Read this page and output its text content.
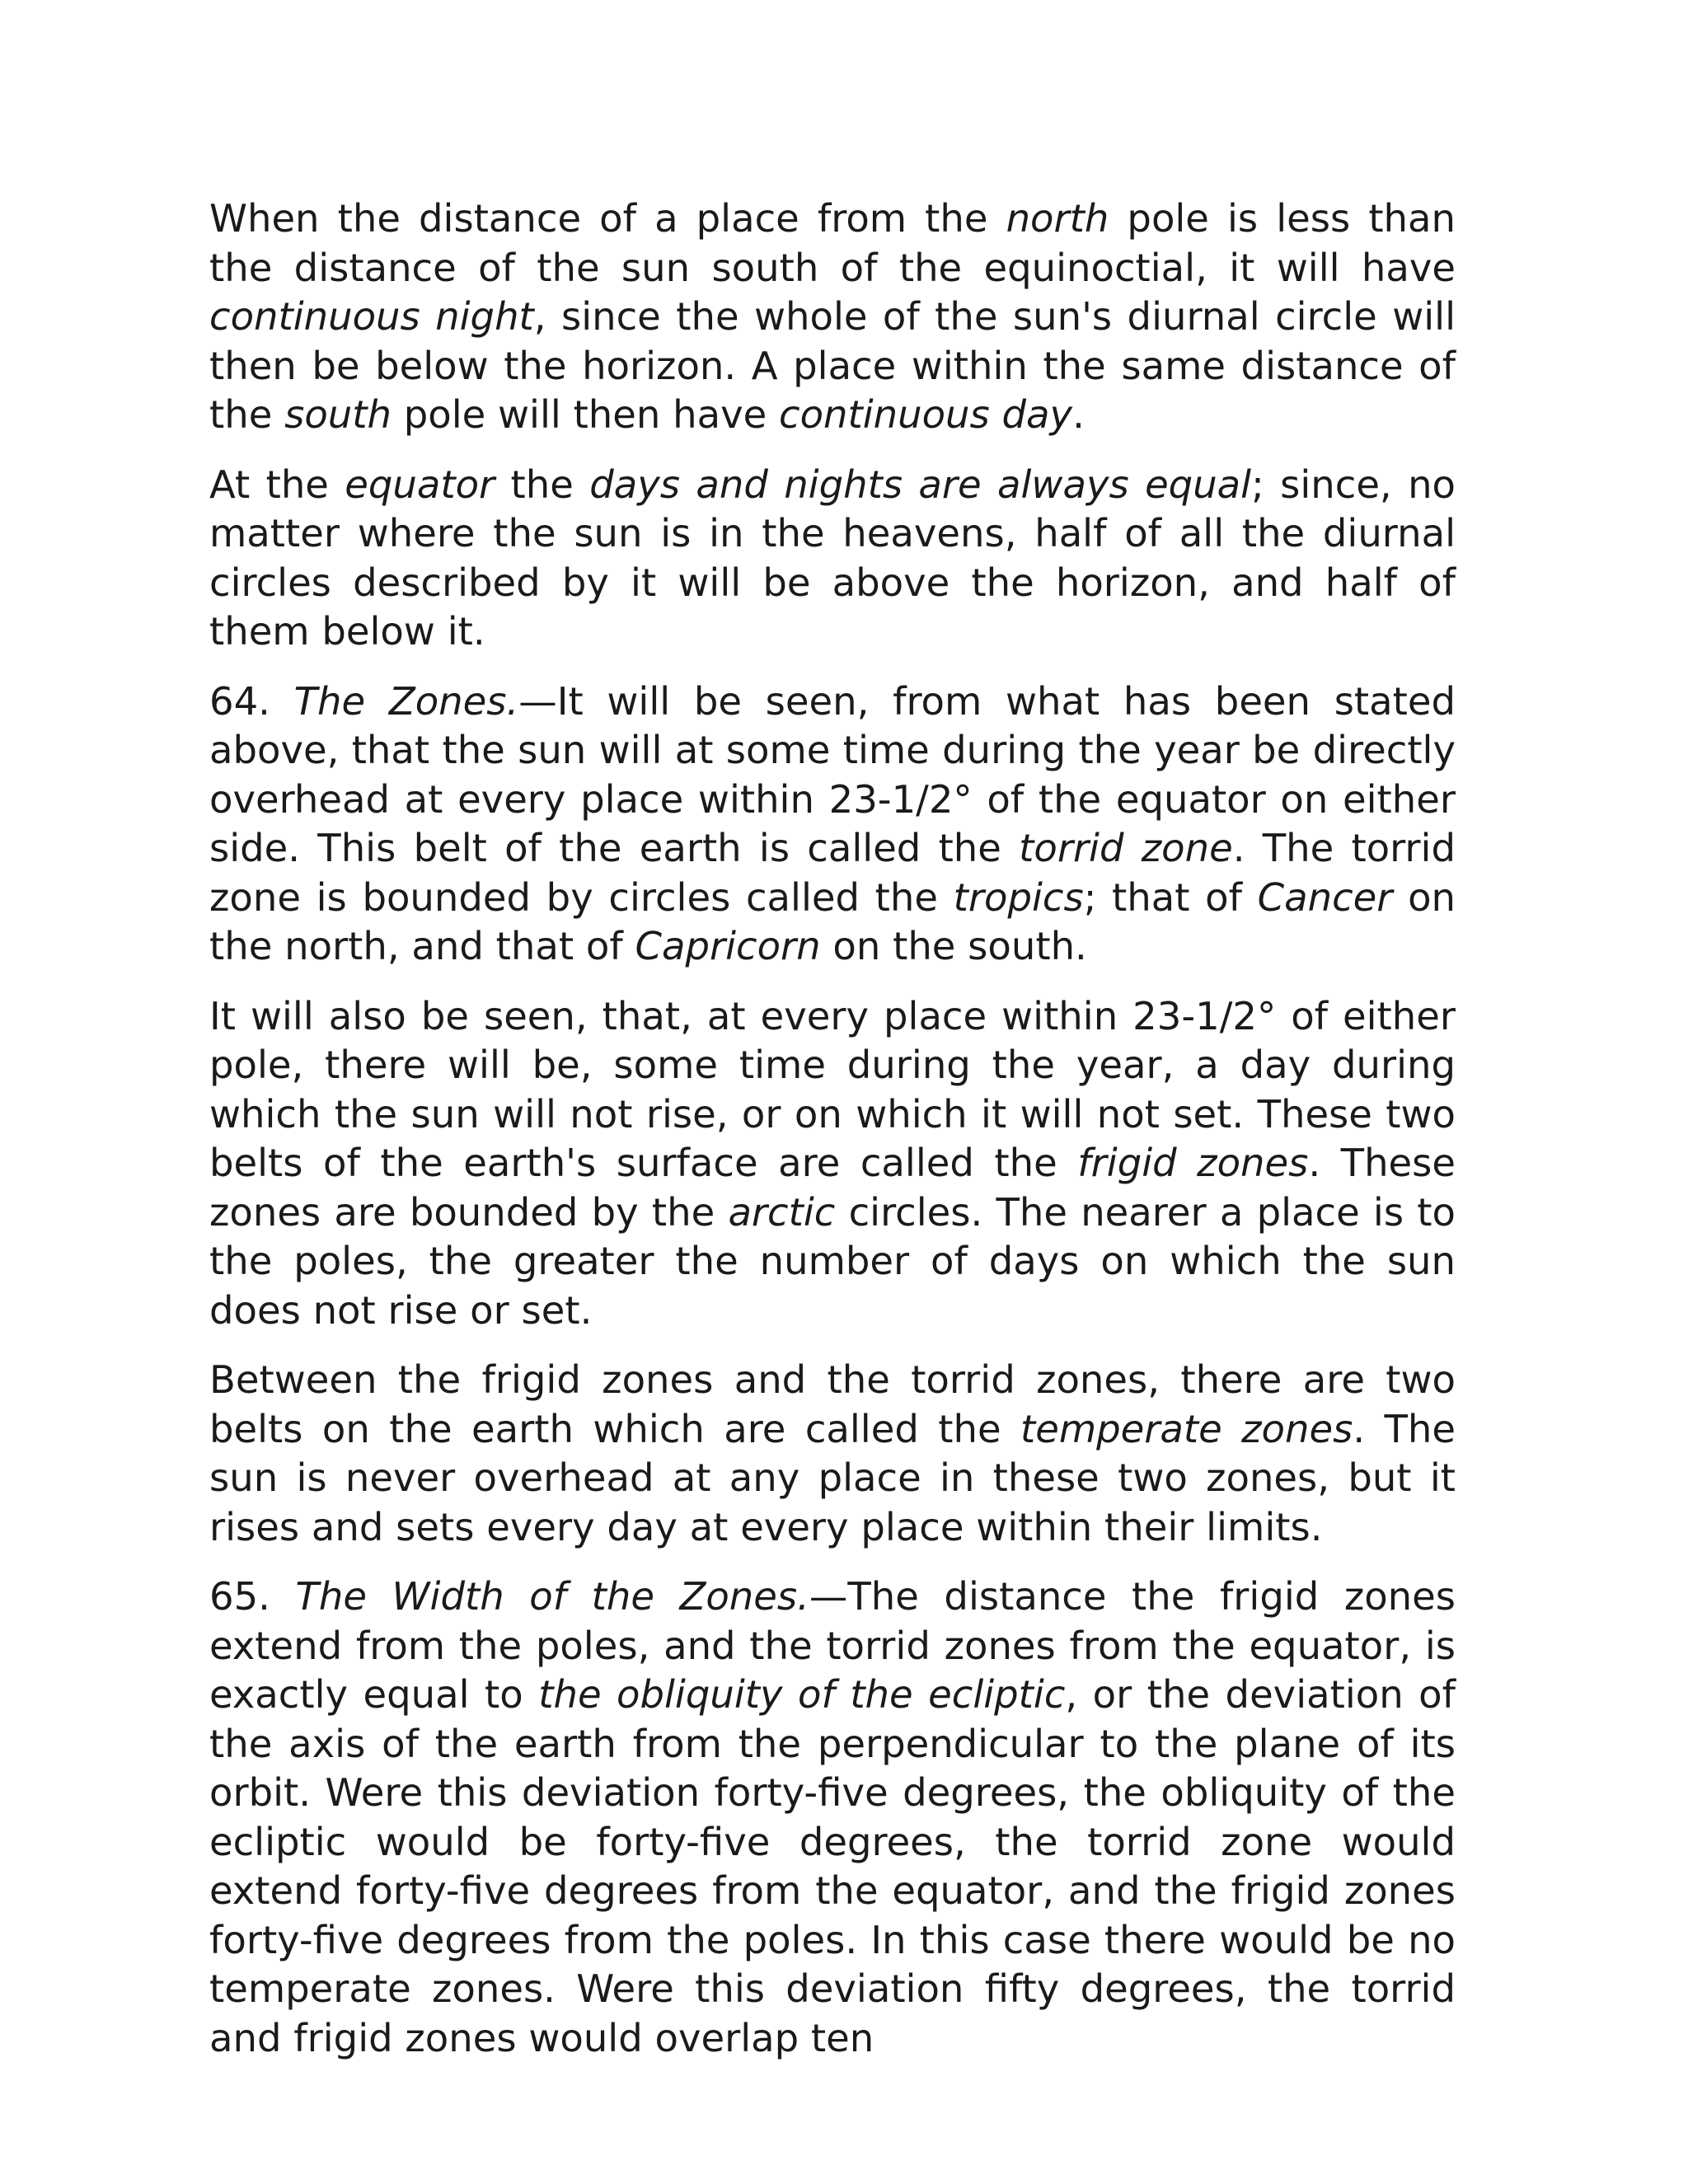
When the distance of a place from the north pole is less than the distance of the sun south of the equinoctial, it will have continuous night, since the whole of the sun's diurnal circle will then be below the horizon. A place within the same distance of the south pole will then have continuous day.

At the equator the days and nights are always equal; since, no matter where the sun is in the heavens, half of all the diurnal circles described by it will be above the horizon, and half of them below it.

64. The Zones.—It will be seen, from what has been stated above, that the sun will at some time during the year be directly overhead at every place within 23-1/2° of the equator on either side. This belt of the earth is called the torrid zone. The torrid zone is bounded by circles called the tropics; that of Cancer on the north, and that of Capricorn on the south.

It will also be seen, that, at every place within 23-1/2° of either pole, there will be, some time during the year, a day during which the sun will not rise, or on which it will not set. These two belts of the earth's surface are called the frigid zones. These zones are bounded by the arctic circles. The nearer a place is to the poles, the greater the number of days on which the sun does not rise or set.

Between the frigid zones and the torrid zones, there are two belts on the earth which are called the temperate zones. The sun is never overhead at any place in these two zones, but it rises and sets every day at every place within their limits.

65. The Width of the Zones.—The distance the frigid zones extend from the poles, and the torrid zones from the equator, is exactly equal to the obliquity of the ecliptic, or the deviation of the axis of the earth from the perpendicular to the plane of its orbit. Were this deviation forty-five degrees, the obliquity of the ecliptic would be forty-five degrees, the torrid zone would extend forty-five degrees from the equator, and the frigid zones forty-five degrees from the poles. In this case there would be no temperate zones. Were this deviation fifty degrees, the torrid and frigid zones would overlap ten
